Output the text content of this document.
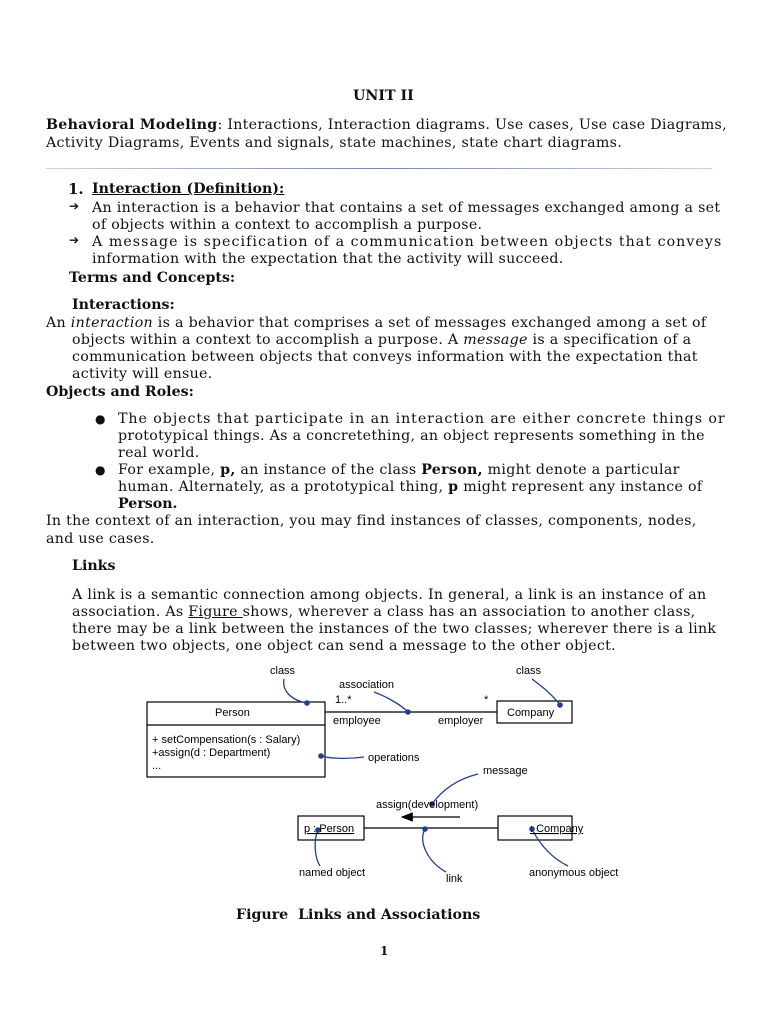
UNIT II
Behavioral Modeling: Interactions, Interaction diagrams. Use cases, Use case Diagrams,
Activity Diagrams, Events and signals, state machines, state chart diagrams.
1. Interaction (Definition):
➔ An interaction is a behavior that contains a set of messages exchanged among a set
of objects within a context to accomplish a purpose.
➔ A message is specification of a communication between objects that conveys
information with the expectation that the activity will succeed.
Terms and Concepts:
Interactions:
An interaction is a behavior that comprises a set of messages exchanged among a set of
objects within a context to accomplish a purpose. A message is a specification of a
communication between objects that conveys information with the expectation that
activity will ensue.
Objects and Roles:
● The objects that participate in an interaction are either concrete things or
prototypical things. As a concretething, an object represents something in the
real world.
● For example, p, an instance of the class Person, might denote a particular
human. Alternately, as a prototypical thing, p might represent any instance of
Person.
In the context of an interaction, you may find instances of classes, components, nodes,
and use cases.
Links
A link is a semantic connection among objects. In general, a link is an instance of an
association. As Figure shows, wherever a class has an association to another class,
there may be a link between the instances of the two classes; wherever there is a link
between two objects, one object can send a message to the other object.
class	class
association
1..*	*
Person	Company
employee	employer
+ setCompensation(s : Salary)
+assign(d : Department)
...
operations
message
assign(development)
p : Person	: Company
named object	link	anonymous object
Figure  Links and Associations
1
